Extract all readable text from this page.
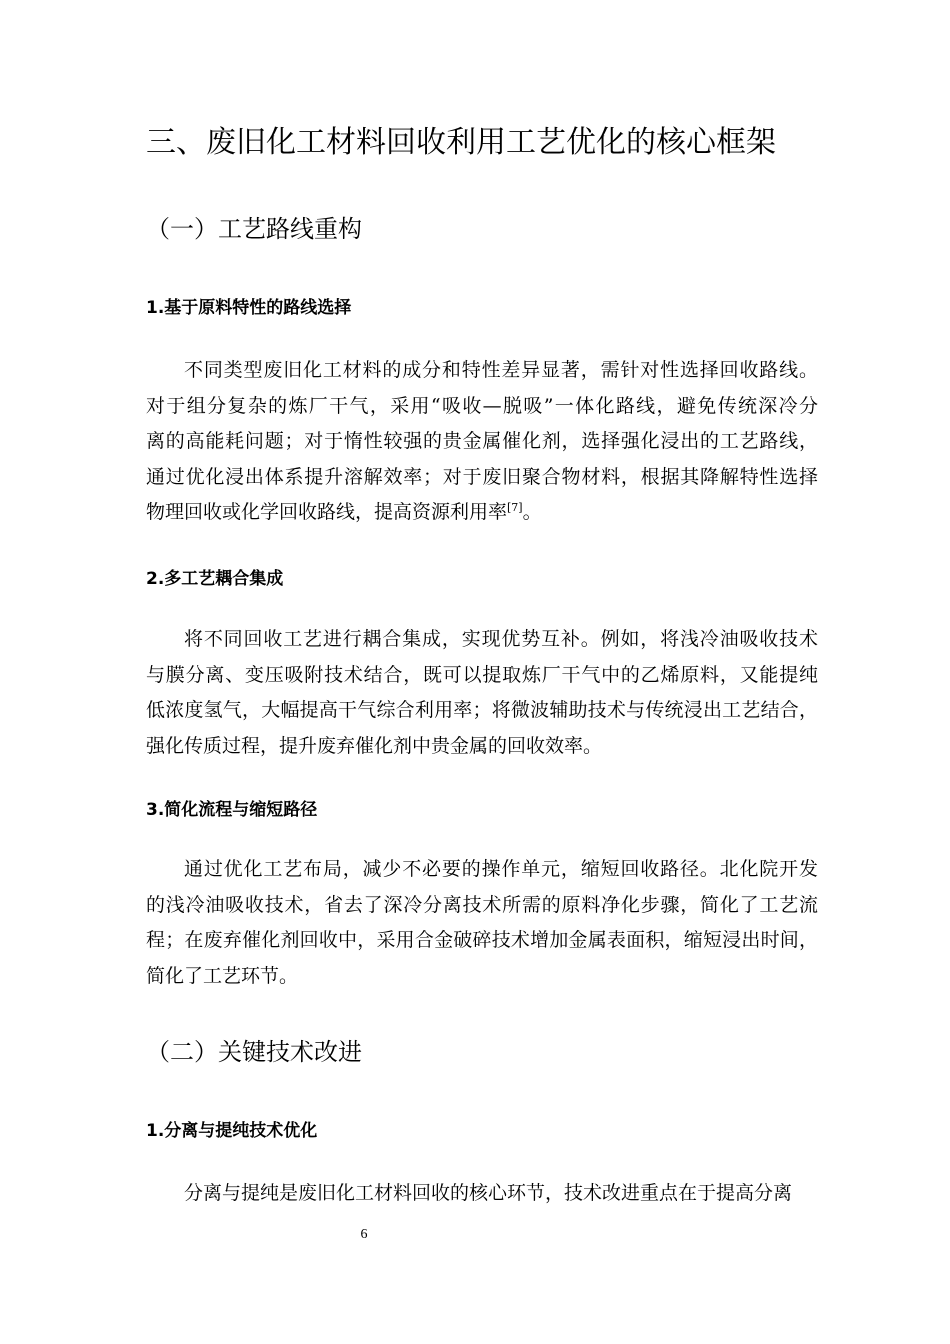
三、废旧化工材料回收利用工艺优化的核心框架
（一）工艺路线重构
1.基于原料特性的路线选择
不同类型废旧化工材料的成分和特性差异显著，需针对性选择回收路线。
对于组分复杂的炼厂干气，采用“吸收—脱吸”一体化路线，避免传统深冷分
离的高能耗问题；对于惰性较强的贵金属催化剂，选择强化浸出的工艺路线，
通过优化浸出体系提升溶解效率；对于废旧聚合物材料，根据其降解特性选择
物理回收或化学回收路线，提高资源利用率[7]。
2.多工艺耦合集成
将不同回收工艺进行耦合集成，实现优势互补。例如，将浅冷油吸收技术
与膜分离、变压吸附技术结合，既可以提取炼厂干气中的乙烯原料，又能提纯
低浓度氢气，大幅提高干气综合利用率；将微波辅助技术与传统浸出工艺结合，
强化传质过程，提升废弃催化剂中贵金属的回收效率。
3.简化流程与缩短路径
通过优化工艺布局，减少不必要的操作单元，缩短回收路径。北化院开发
的浅冷油吸收技术，省去了深冷分离技术所需的原料净化步骤，简化了工艺流
程；在废弃催化剂回收中，采用合金破碎技术增加金属表面积，缩短浸出时间，
简化了工艺环节。
（二）关键技术改进
1.分离与提纯技术优化
分离与提纯是废旧化工材料回收的核心环节，技术改进重点在于提高分离
6
